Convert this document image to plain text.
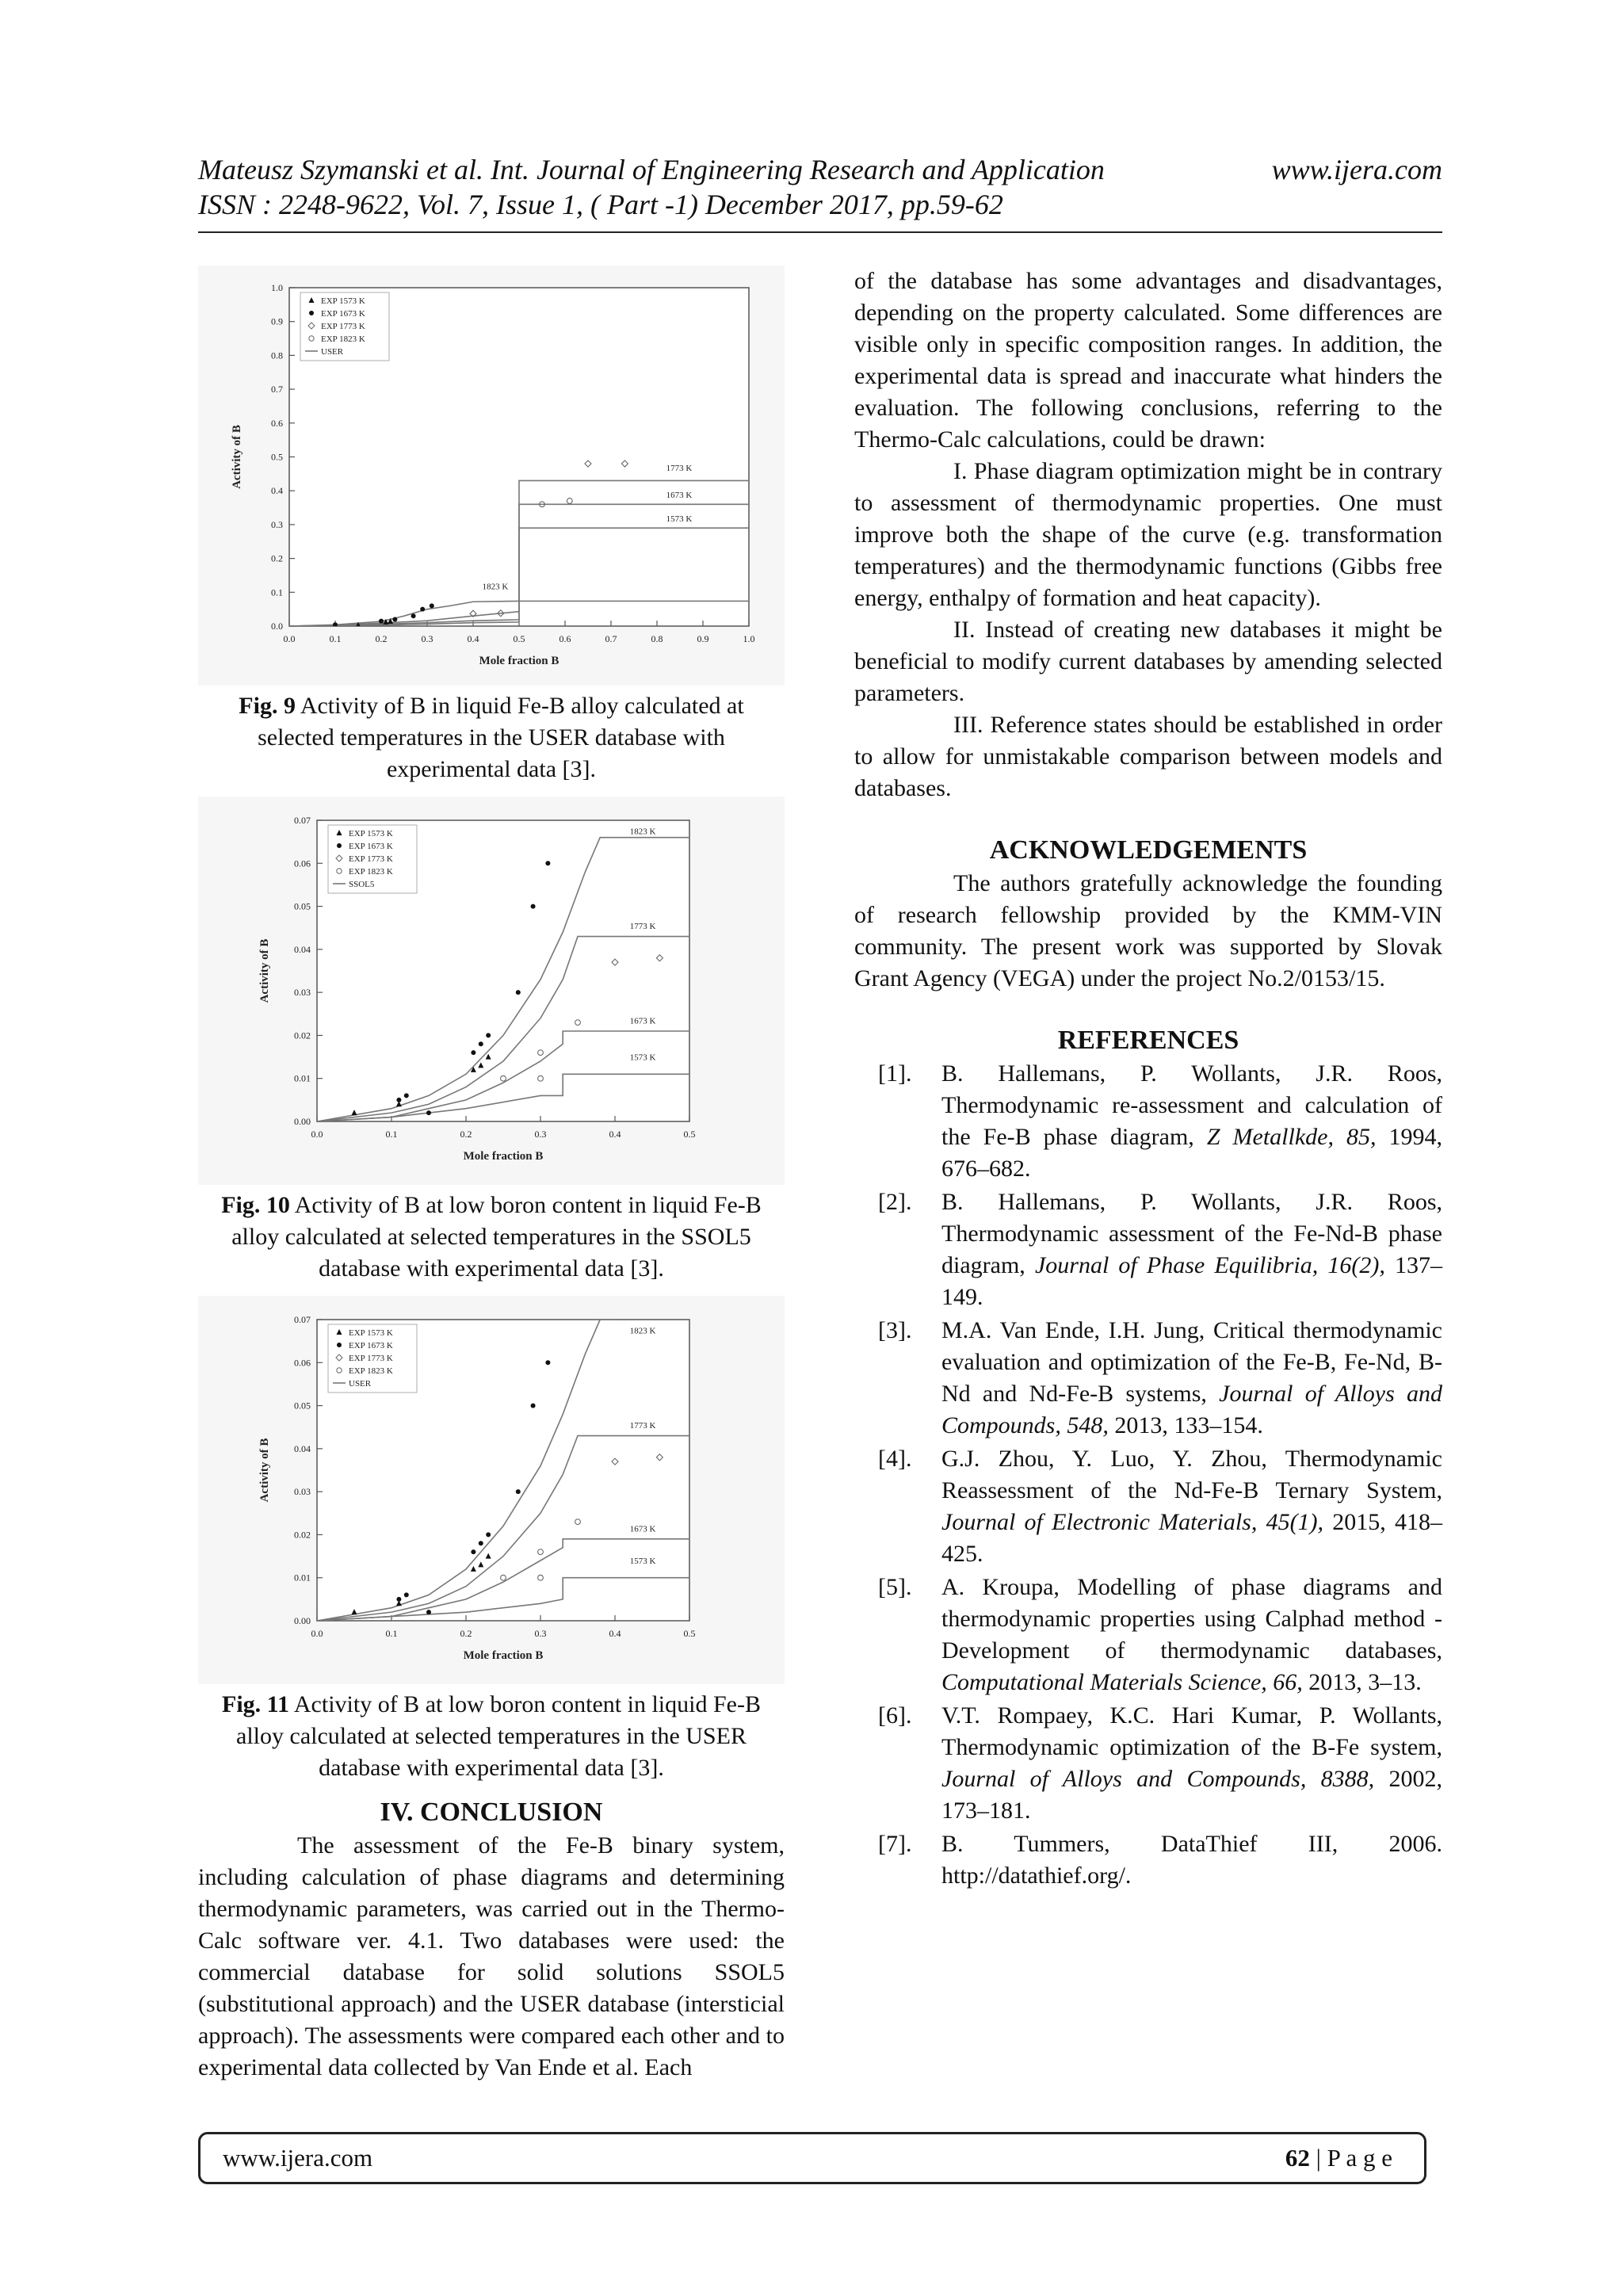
Mateusz Szymanski et al. Int. Journal of Engineering Research and Application	www.ijera.com
ISSN : 2248-9622, Vol. 7, Issue 1, ( Part -1) December 2017, pp.59-62
0.0	0.1	0.2	0.3	0.4	0.5	0.6	0.7	0.8	0.9	1.0
0.0
0.1
0.2
0.3
0.4
0.5
0.6
0.7
0.8
0.9
1.0
Mole fraction B
Activity of B	1773 K
1673 K
1573 K
1823 K
EXP 1573 K
EXP 1673 K
EXP 1773 K
EXP 1823 K
USER
Fig. 9 Activity of B in liquid Fe-B alloy calculated at selected temperatures in the USER database with experimental data [3].
0.0	0.1	0.2	0.3	0.4	0.5
0.00
0.01
0.02
0.03
0.04
0.05
0.06
0.07
Mole fraction B
Activity of B
1823 K
1773 K
1673 K
1573 K
EXP 1573 K
EXP 1673 K
EXP 1773 K
EXP 1823 K
SSOL5
Fig. 10 Activity of B at low boron content in liquid Fe-B alloy calculated at selected temperatures in the SSOL5 database with experimental data [3].
0.0	0.1	0.2	0.3	0.4	0.5
0.00
0.01
0.02
0.03
0.04
0.05
0.06
0.07
Mole fraction B
Activity of B
1823 K
1773 K
1673 K
1573 K
EXP 1573 K
EXP 1673 K
EXP 1773 K
EXP 1823 K
USER
Fig. 11 Activity of B at low boron content in liquid Fe-B alloy calculated at selected temperatures in the USER database with experimental data [3].
IV. CONCLUSION

The assessment of the Fe-B binary system, including calculation of phase diagrams and determining thermodynamic parameters, was carried out in the Thermo-Calc software ver. 4.1. Two databases were used: the commercial database for solid solutions SSOL5 (substitutional approach) and the USER database (intersticial approach). The assessments were compared each other and to experimental data collected by Van Ende et al. Each

of the database has some advantages and disadvantages, depending on the property calculated. Some differences are visible only in specific composition ranges. In addition, the experimental data is spread and inaccurate what hinders the evaluation. The following conclusions, referring to the Thermo-Calc calculations, could be drawn:

I. Phase diagram optimization might be in contrary to assessment of thermodynamic properties. One must improve both the shape of the curve (e.g. transformation temperatures) and the thermodynamic functions (Gibbs free energy, enthalpy of formation and heat capacity).

II. Instead of creating new databases it might be beneficial to modify current databases by amending selected parameters.

III. Reference states should be established in order to allow for unmistakable comparison between models and databases.

ACKNOWLEDGEMENTS

The authors gratefully acknowledge the founding of research fellowship provided by the KMM-VIN community. The present work was supported by Slovak Grant Agency (VEGA) under the project No.2/0153/15.

REFERENCES
[1].	B. Hallemans, P. Wollants, J.R. Roos, Thermodynamic re-assessment and calculation of the Fe-B phase diagram, Z Metallkde, 85, 1994, 676–682.
[2].	B. Hallemans, P. Wollants, J.R. Roos, Thermodynamic assessment of the Fe-Nd-B phase diagram, Journal of Phase Equilibria, 16(2), 137–149.
[3].	M.A. Van Ende, I.H. Jung, Critical thermodynamic evaluation and optimization of the Fe-B, Fe-Nd, B-Nd and Nd-Fe-B systems, Journal of Alloys and Compounds, 548, 2013, 133–154.
[4].	G.J. Zhou, Y. Luo, Y. Zhou, Thermodynamic Reassessment of the Nd-Fe-B Ternary System, Journal of Electronic Materials, 45(1), 2015, 418–425.
[5].	A. Kroupa, Modelling of phase diagrams and thermodynamic properties using Calphad method - Development of thermodynamic databases, Computational Materials Science, 66, 2013, 3–13.
[6].	V.T. Rompaey, K.C. Hari Kumar, P. Wollants, Thermodynamic optimization of the B-Fe system, Journal of Alloys and Compounds, 8388, 2002, 173–181.
[7].	B. Tummers, DataThief III, 2006. http://datathief.org/.
www.ijera.com	62 | P a g e
